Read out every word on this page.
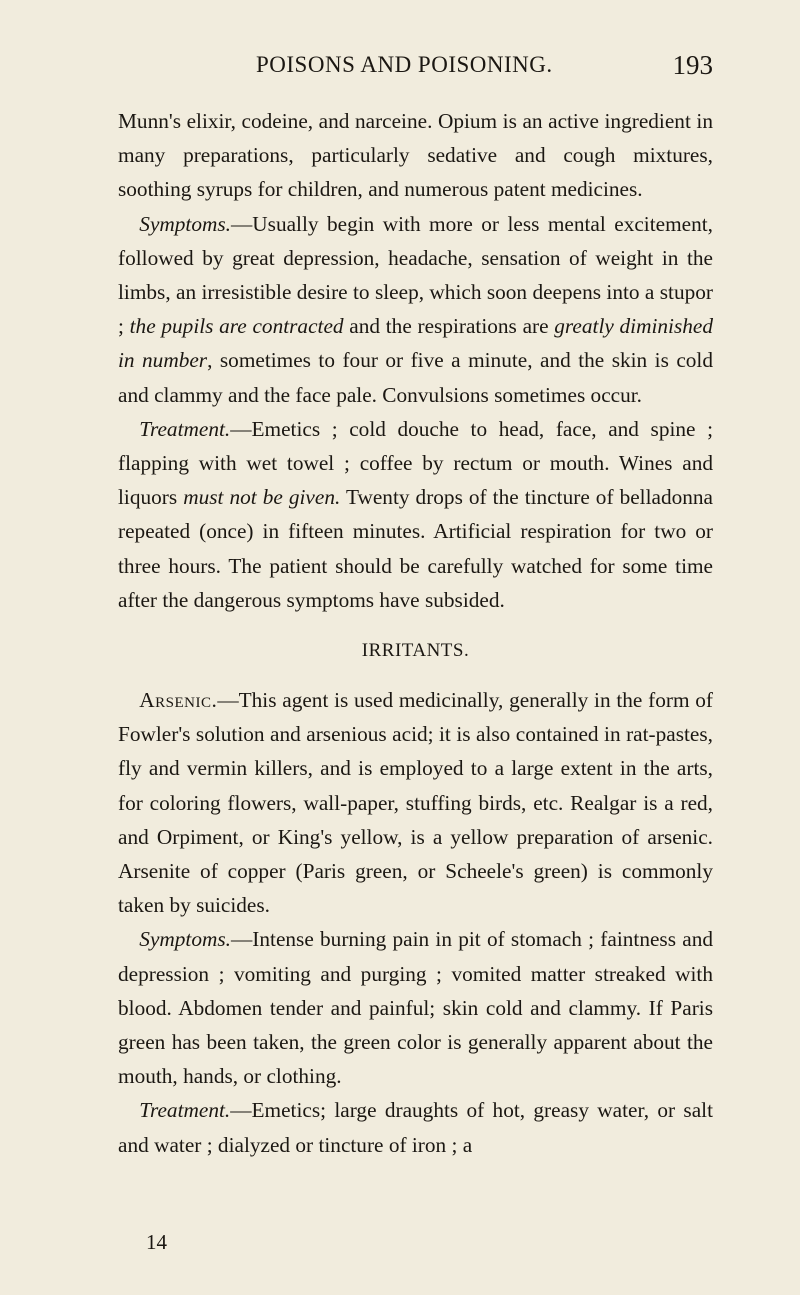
POISONS AND POISONING.	193

Munn's elixir, codeine, and narceine. Opium is an active ingredient in many preparations, particularly sedative and cough mixtures, soothing syrups for children, and numerous patent medicines.

 Symptoms.—Usually begin with more or less mental excitement, followed by great depression, headache, sensation of weight in the limbs, an irresistible desire to sleep, which soon deepens into a stupor ; the pupils are contracted and the respirations are greatly diminished in number, sometimes to four or five a minute, and the skin is cold and clammy and the face pale. Convulsions sometimes occur.

 Treatment.—Emetics ; cold douche to head, face, and spine ; flapping with wet towel ; coffee by rectum or mouth. Wines and liquors must not be given. Twenty drops of the tincture of belladonna repeated (once) in fifteen minutes. Artificial respiration for two or three hours. The patient should be carefully watched for some time after the dangerous symptoms have subsided.

IRRITANTS.

 Arsenic.—This agent is used medicinally, generally in the form of Fowler's solution and arsenious acid; it is also contained in rat-pastes, fly and vermin killers, and is employed to a large extent in the arts, for coloring flowers, wall-paper, stuffing birds, etc. Realgar is a red, and Orpiment, or King's yellow, is a yellow preparation of arsenic. Arsenite of copper (Paris green, or Scheele's green) is commonly taken by suicides.

 Symptoms.—Intense burning pain in pit of stomach ; faintness and depression ; vomiting and purging ; vomited matter streaked with blood. Abdomen tender and painful; skin cold and clammy. If Paris green has been taken, the green color is generally apparent about the mouth, hands, or clothing.

 Treatment.—Emetics; large draughts of hot, greasy water, or salt and water ; dialyzed or tincture of iron ; a

14
